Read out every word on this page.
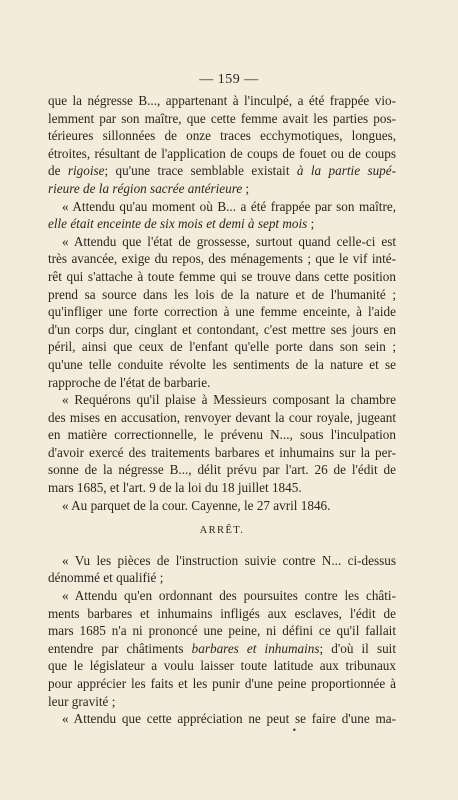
— 159 —
que la négresse B..., appartenant à l'inculpé, a été frappée vio-
lemment par son maître, que cette femme avait les parties pos-
térieures sillonnées de onze traces ecchymotiques, longues,
étroites, résultant de l'application de coups de fouet ou de coups
de rigoise; qu'une trace semblable existait à la partie supé-
rieure de la région sacrée antérieure ;
« Attendu qu'au moment où B... a été frappée par son maître,
elle était enceinte de six mois et demi à sept mois ;
« Attendu que l'état de grossesse, surtout quand celle-ci est
très avancée, exige du repos, des ménagements ; que le vif inté-
rêt qui s'attache à toute femme qui se trouve dans cette position
prend sa source dans les lois de la nature et de l'humanité ;
qu'infliger une forte correction à une femme enceinte, à l'aide
d'un corps dur, cinglant et contondant, c'est mettre ses jours en
péril, ainsi que ceux de l'enfant qu'elle porte dans son sein ;
qu'une telle conduite révolte les sentiments de la nature et se
rapproche de l'état de barbarie.
« Requérons qu'il plaise à Messieurs composant la chambre
des mises en accusation, renvoyer devant la cour royale, jugeant
en matière correctionnelle, le prévenu N..., sous l'inculpation
d'avoir exercé des traitements barbares et inhumains sur la per-
sonne de la négresse B..., délit prévu par l'art. 26 de l'édit de
mars 1685, et l'art. 9 de la loi du 18 juillet 1845.
« Au parquet de la cour. Cayenne, le 27 avril 1846.
ARRÊT.
« Vu les pièces de l'instruction suivie contre N... ci-dessus
dénommé et qualifié ;
« Attendu qu'en ordonnant des poursuites contre les châti-
ments barbares et inhumains infligés aux esclaves, l'édit de
mars 1685 n'a ni prononcé une peine, ni défini ce qu'il fallait
entendre par châtiments barbares et inhumains; d'où il suit
que le législateur a voulu laisser toute latitude aux tribunaux
pour apprécier les faits et les punir d'une peine proportionnée à
leur gravité ;
« Attendu que cette appréciation ne peut se faire d'une ma-
•
